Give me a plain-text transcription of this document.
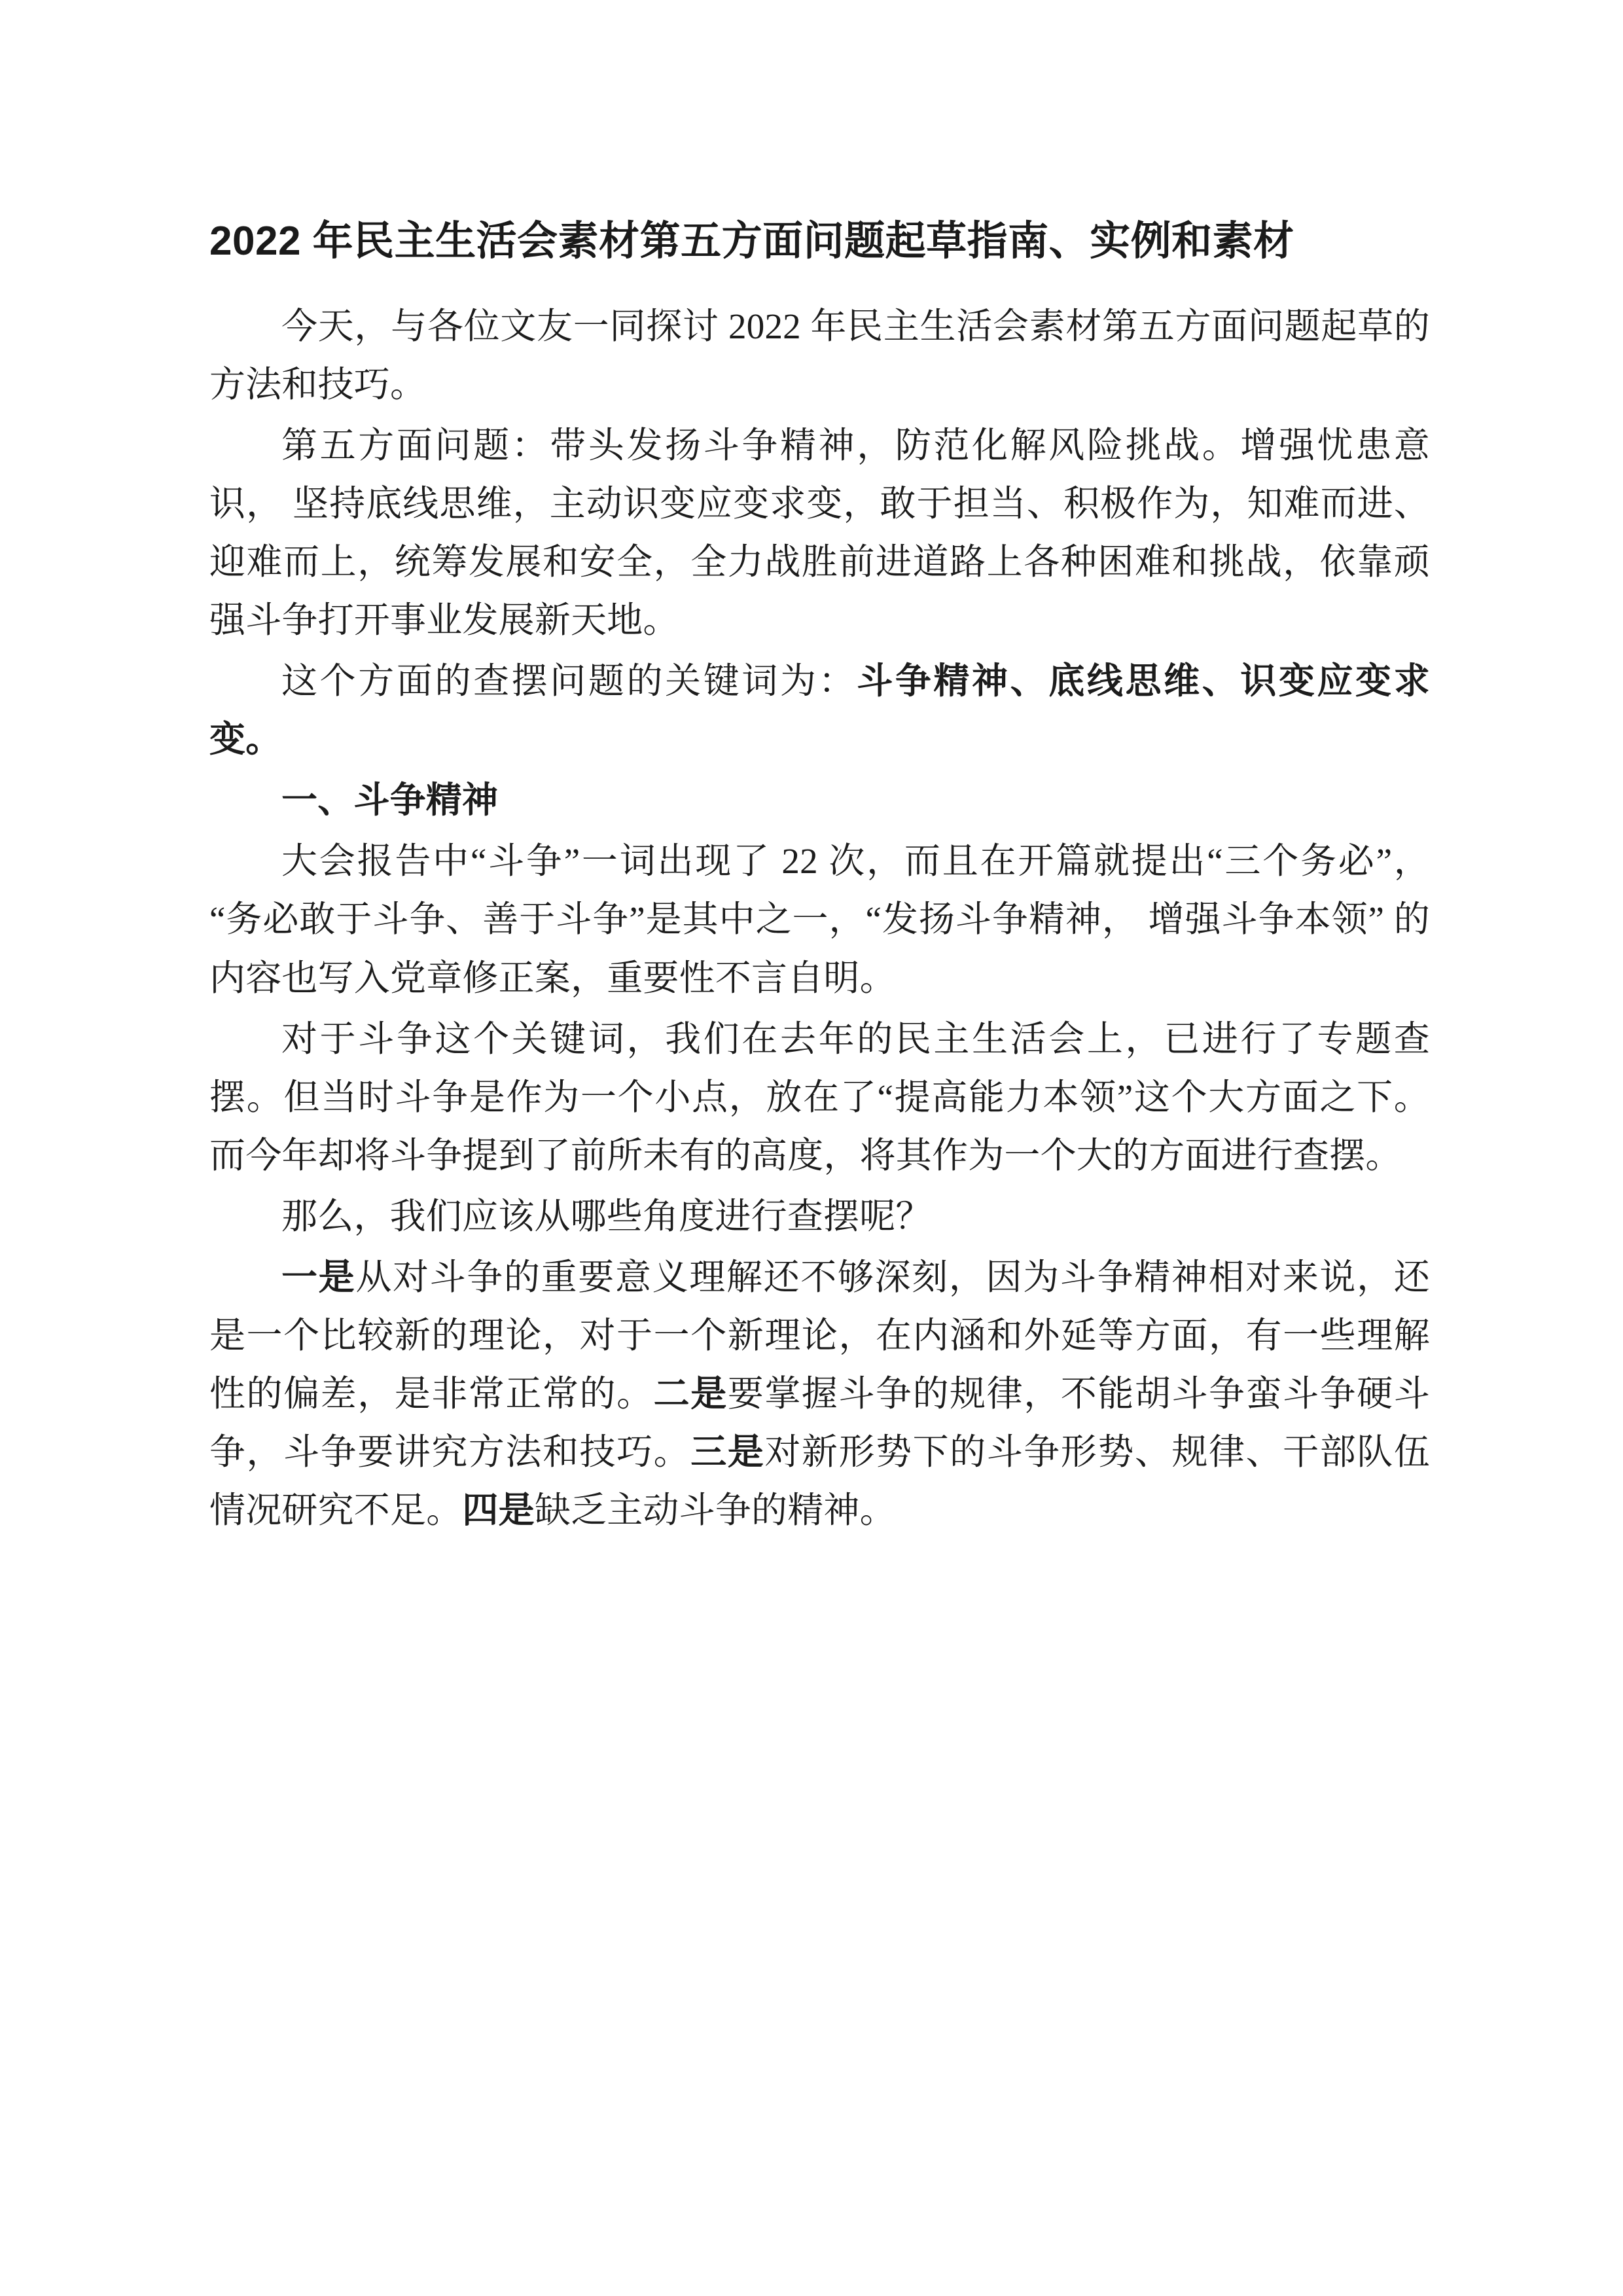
2022 年民主生活会素材第五方面问题起草指南、实例和素材
今天，与各位文友一同探讨 2022 年民主生活会素材第五方面问题起草的方法和技巧。
第五方面问题：带头发扬斗争精神，防范化解风险挑战。增强忧患意识， 坚持底线思维，主动识变应变求变，敢于担当、积极作为，知难而进、迎难而上，统筹发展和安全，全力战胜前进道路上各种困难和挑战，依靠顽强斗争打开事业发展新天地。
这个方面的查摆问题的关键词为：斗争精神、底线思维、识变应变求变。
一、斗争精神
大会报告中“斗争”一词出现了 22 次，而且在开篇就提出“三个务必”， “务必敢于斗争、善于斗争”是其中之一，“发扬斗争精神， 增强斗争本领” 的内容也写入党章修正案，重要性不言自明。
对于斗争这个关键词，我们在去年的民主生活会上，已进行了专题查摆。但当时斗争是作为一个小点，放在了“提高能力本领”这个大方面之下。而今年却将斗争提到了前所未有的高度，将其作为一个大的方面进行查摆。
那么，我们应该从哪些角度进行查摆呢？
一是从对斗争的重要意义理解还不够深刻，因为斗争精神相对来说，还是一个比较新的理论，对于一个新理论，在内涵和外延等方面，有一些理解性的偏差，是非常正常的。二是要掌握斗争的规律，不能胡斗争蛮斗争硬斗争，斗争要讲究方法和技巧。三是对新形势下的斗争形势、规律、干部队伍情况研究不足。四是缺乏主动斗争的精神。
